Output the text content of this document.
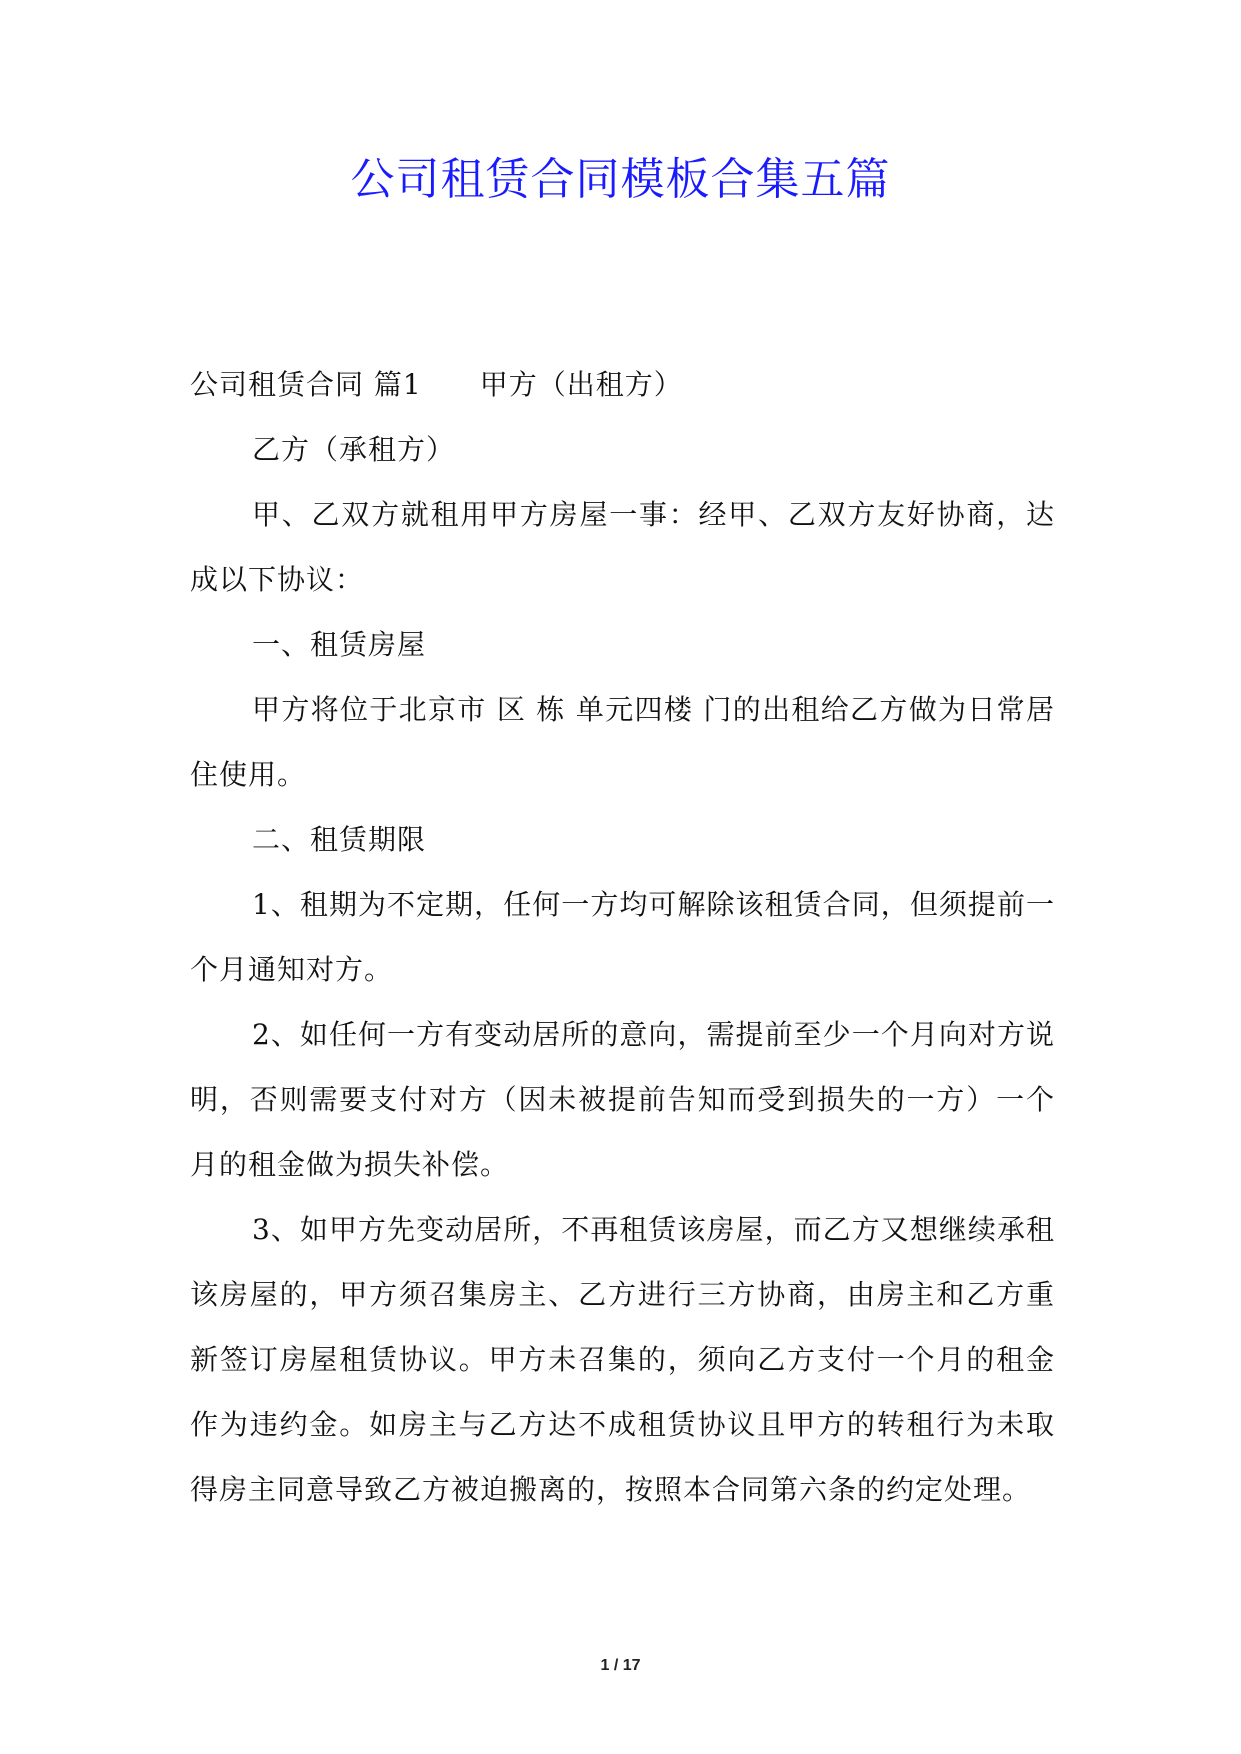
公司租赁合同模板合集五篇

公司租赁合同 篇1 甲方（出租方）

乙方（承租方）

甲、乙双方就租用甲方房屋一事：经甲、乙双方友好协商，达成以下协议：

一、租赁房屋

甲方将位于北京市 区 栋 单元四楼 门的出租给乙方做为日常居住使用。

二、租赁期限

1、租期为不定期，任何一方均可解除该租赁合同，但须提前一个月通知对方。

2、如任何一方有变动居所的意向，需提前至少一个月向对方说明，否则需要支付对方（因未被提前告知而受到损失的一方）一个月的租金做为损失补偿。

3、如甲方先变动居所，不再租赁该房屋，而乙方又想继续承租该房屋的，甲方须召集房主、乙方进行三方协商，由房主和乙方重新签订房屋租赁协议。甲方未召集的，须向乙方支付一个月的租金作为违约金。如房主与乙方达不成租赁协议且甲方的转租行为未取得房主同意导致乙方被迫搬离的，按照本合同第六条的约定处理。

1 / 17
